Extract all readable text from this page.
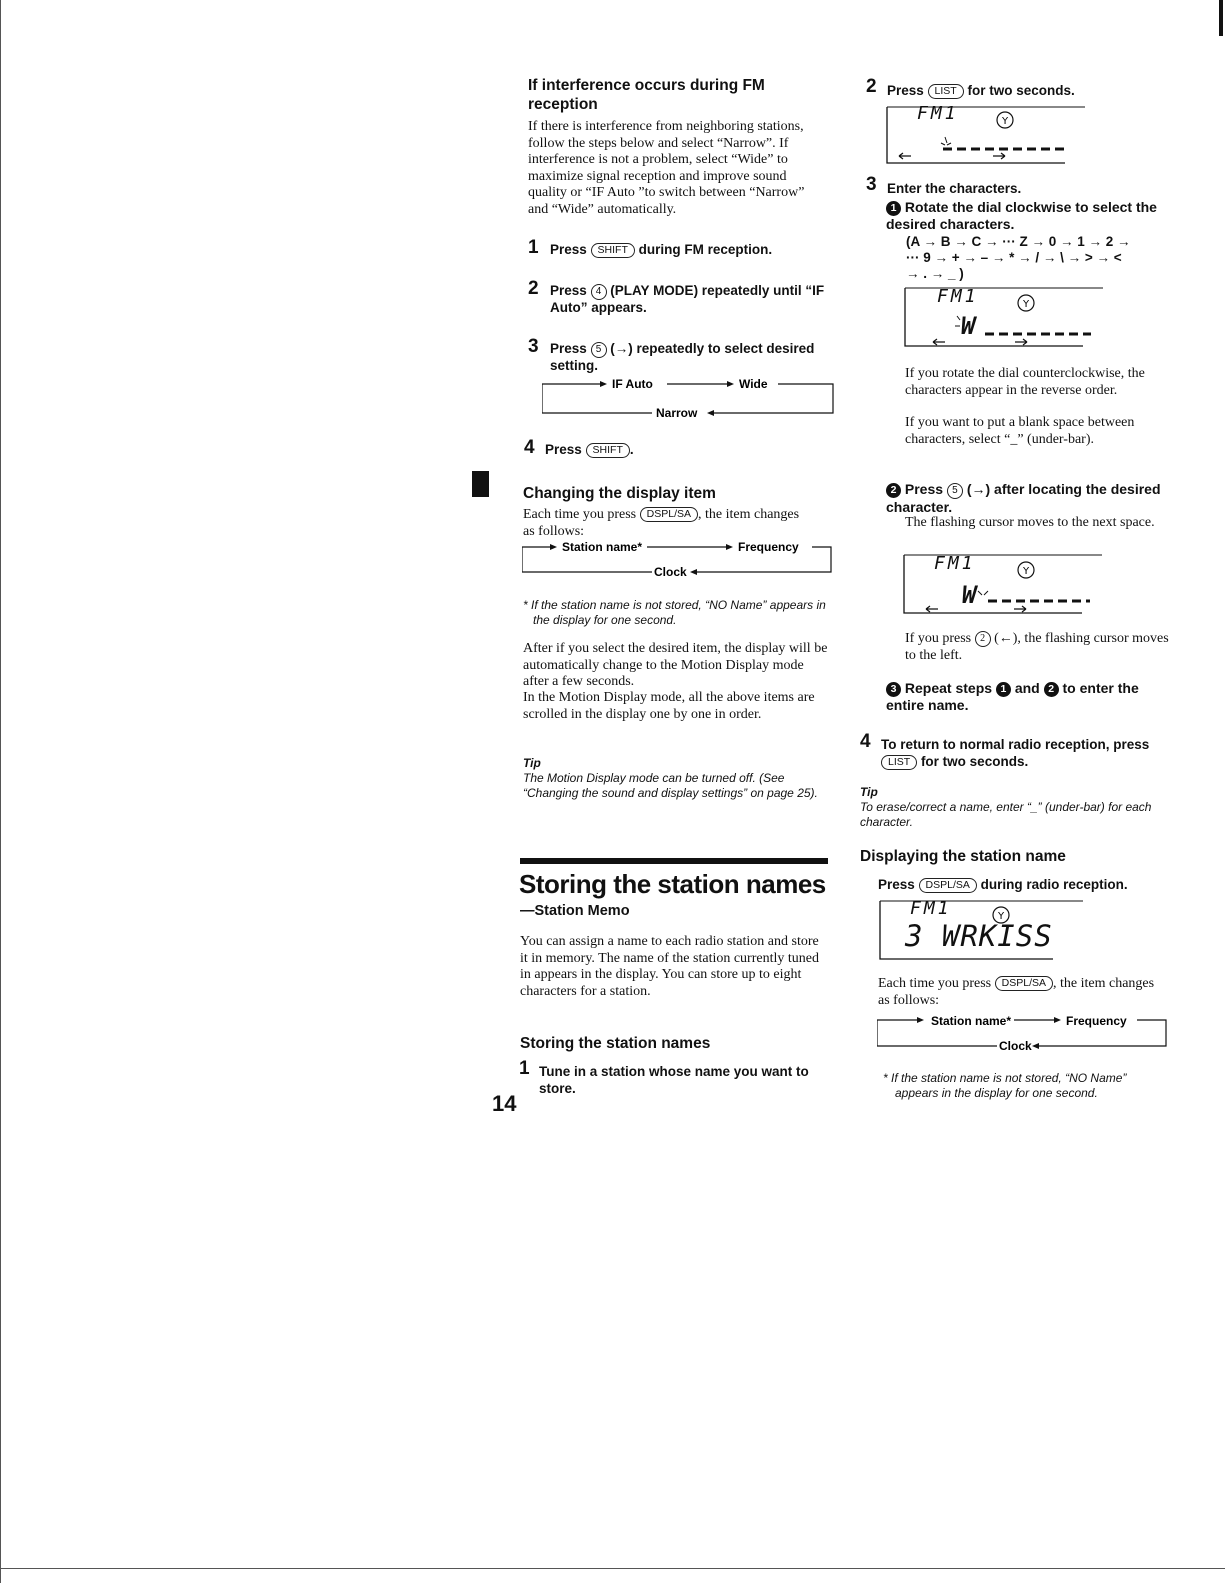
If interference occurs during FM reception
If there is interference from neighboring stations, follow the steps below and select “Narrow”. If interference is not a problem, select “Wide” to maximize signal reception and improve sound quality or “IF Auto ”to switch between “Narrow” and “Wide” automatically.
1 Press SHIFT during FM reception.
2 Press 4 (PLAY MODE) repeatedly until “IF Auto” appears.
3 Press 5 (→) repeatedly to select desired setting.
IF Auto	Wide
Narrow
4 Press SHIFT .
Changing the display item
Each time you press DSPL/SA , the item changes as follows:
Station name*	Frequency
Clock
* If the station name is not stored, “NO Name” appears in the display for one second.
After if you select the desired item, the display will be automatically change to the Motion Display mode after a few seconds.
In the Motion Display mode, all the above items are scrolled in the display one by one in order.
Tip
The Motion Display mode can be turned off. (See “Changing the sound and display settings” on page 25).
Storing the station names
—Station Memo
You can assign a name to each radio station and store it in memory. The name of the station currently tuned in appears in the display. You can store up to eight characters for a station.
Storing the station names
1 Tune in a station whose name you want to store.
14
2 Press LIST for two seconds.
Y
FM1
3 Enter the characters.
1 Rotate the dial clockwise to select the desired characters.
(A → B → C → ··· Z → 0 → 1 → 2 →
··· 9 → + → – → * → / → \ → > → <
→ . → _ )
Y
FM1
W
If you rotate the dial counterclockwise, the characters appear in the reverse order.
If you want to put a blank space between characters, select “_” (under-bar).
2 Press 5 (→) after locating the desired character.
The flashing cursor moves to the next space.
Y
FM1
W
If you press 2 (←), the flashing cursor moves to the left.
3 Repeat steps 1 and 2 to enter the entire name.
4 To return to normal radio reception, press LIST for two seconds.
Tip
To erase/correct a name, enter “_” (under-bar) for each character.
Displaying the station name
Press DSPL/SA during radio reception.
Y
FM1
3 WRKISS
Each time you press DSPL/SA , the item changes as follows:
Station name*	Frequency
Clock
* If the station name is not stored, “NO Name” appears in the display for one second.
